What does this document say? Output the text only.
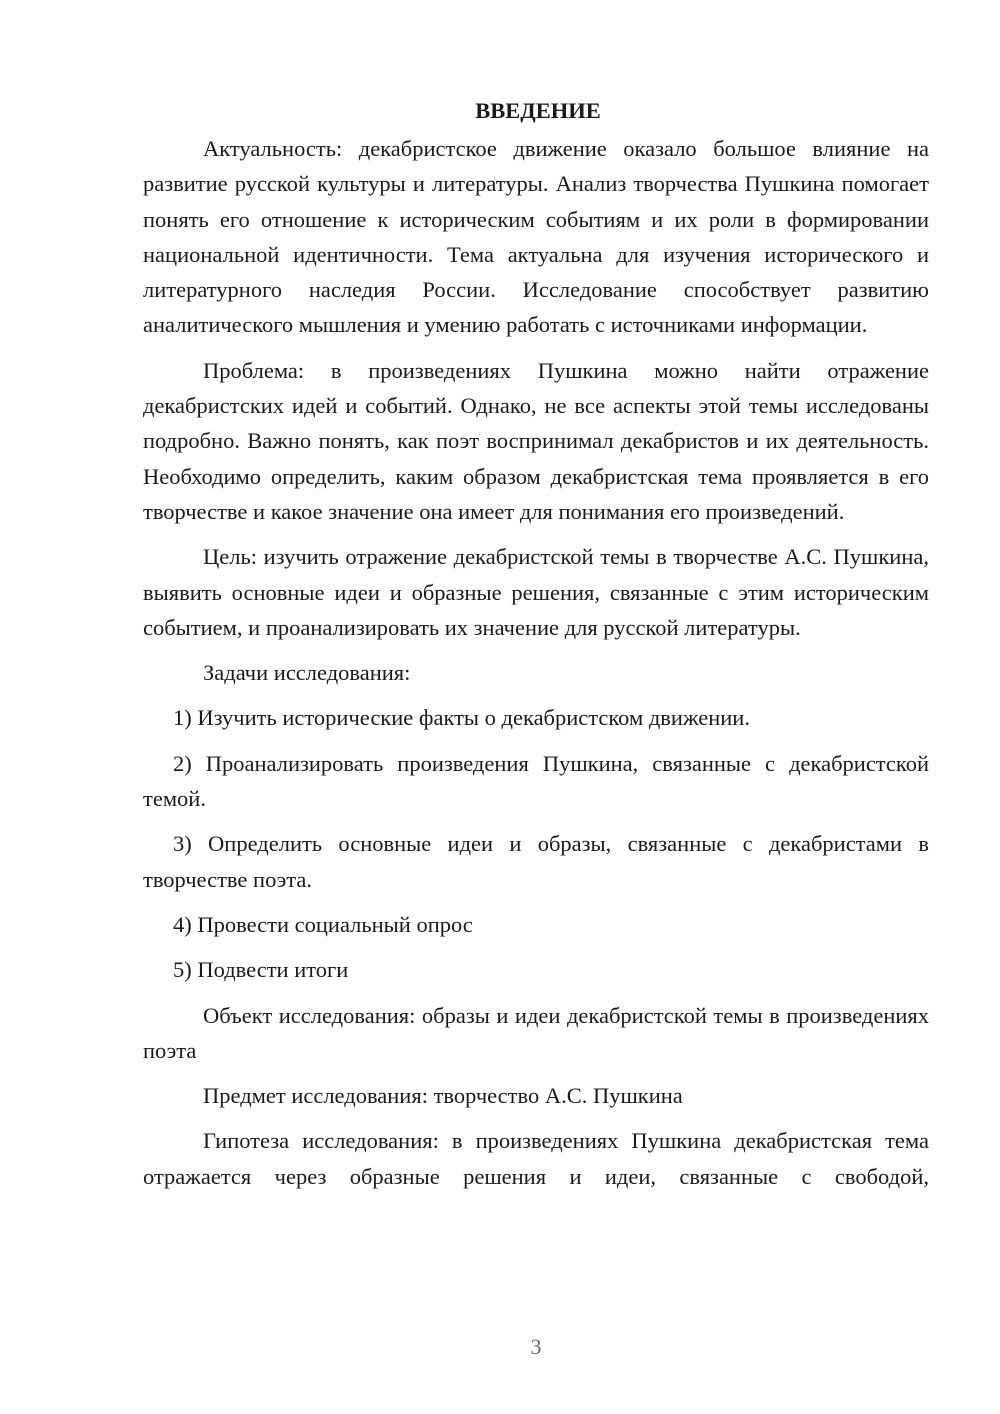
ВВЕДЕНИЕ

Актуальность: декабристское движение оказало большое влияние на развитие русской культуры и литературы. Анализ творчества Пушкина помогает понять его отношение к историческим событиям и их роли в формировании национальной идентичности. Тема актуальна для изучения исторического и литературного наследия России. Исследование способствует развитию аналитического мышления и умению работать с источниками информации.

Проблема: в произведениях Пушкина можно найти отражение декабристских идей и событий. Однако, не все аспекты этой темы исследованы подробно. Важно понять, как поэт воспринимал декабристов и их деятельность. Необходимо определить, каким образом декабристская тема проявляется в его творчестве и какое значение она имеет для понимания его произведений.

Цель: изучить отражение декабристской темы в творчестве А.С. Пушкина, выявить основные идеи и образные решения, связанные с этим историческим событием, и проанализировать их значение для русской литературы.

Задачи исследования:

1) Изучить исторические факты о декабристском движении.

2) Проанализировать произведения Пушкина, связанные с декабристской темой.

3) Определить основные идеи и образы, связанные с декабристами в творчестве поэта.

4) Провести социальный опрос

5) Подвести итоги

Объект исследования: образы и идеи декабристской темы в произведениях поэта

Предмет исследования: творчество А.С. Пушкина

Гипотеза исследования: в произведениях Пушкина декабристская тема отражается через образные решения и идеи, связанные с свободой,

3
